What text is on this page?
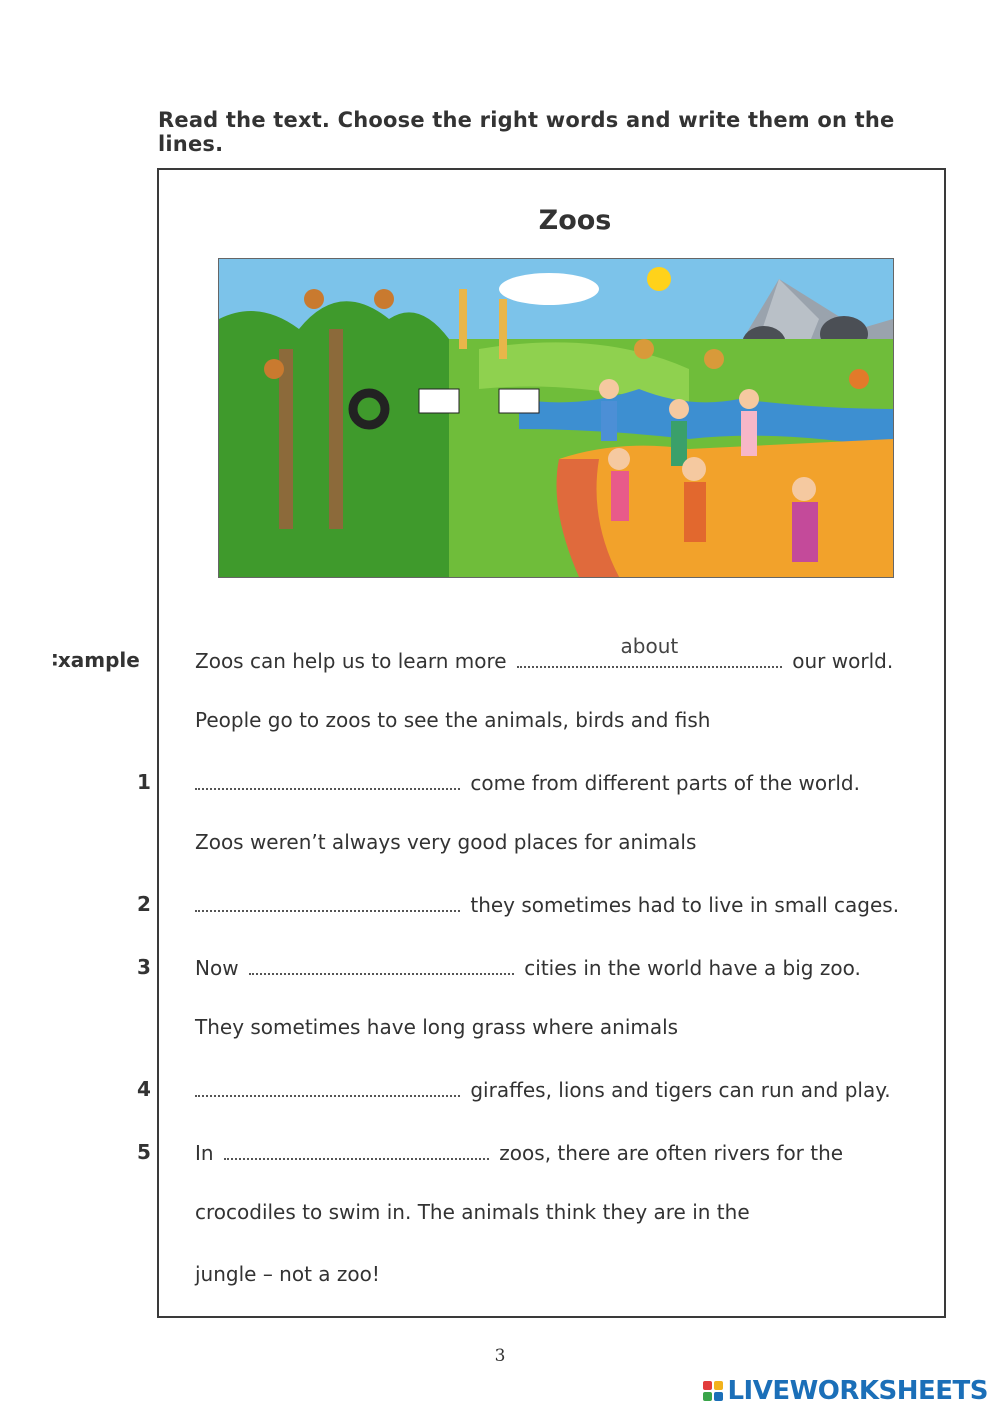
Read the text. Choose the right words and write them on the lines.
Zoos
∶xample	Zoos can help us to learn more
about
our world.
People go to zoos to see the animals, birds and fish
1	come from different parts of the world.
Zoos weren’t always very good places for animals
2	they sometimes had to live in small cages.
3	Now	cities in the world have a big zoo.
They sometimes have long grass where animals
4	giraffes, lions and tigers can run and play.
5	In	zoos, there are often rivers for the
crocodiles to swim in. The animals think they are in the
jungle – not a zoo!
3
LIVEWORKSHEETS
